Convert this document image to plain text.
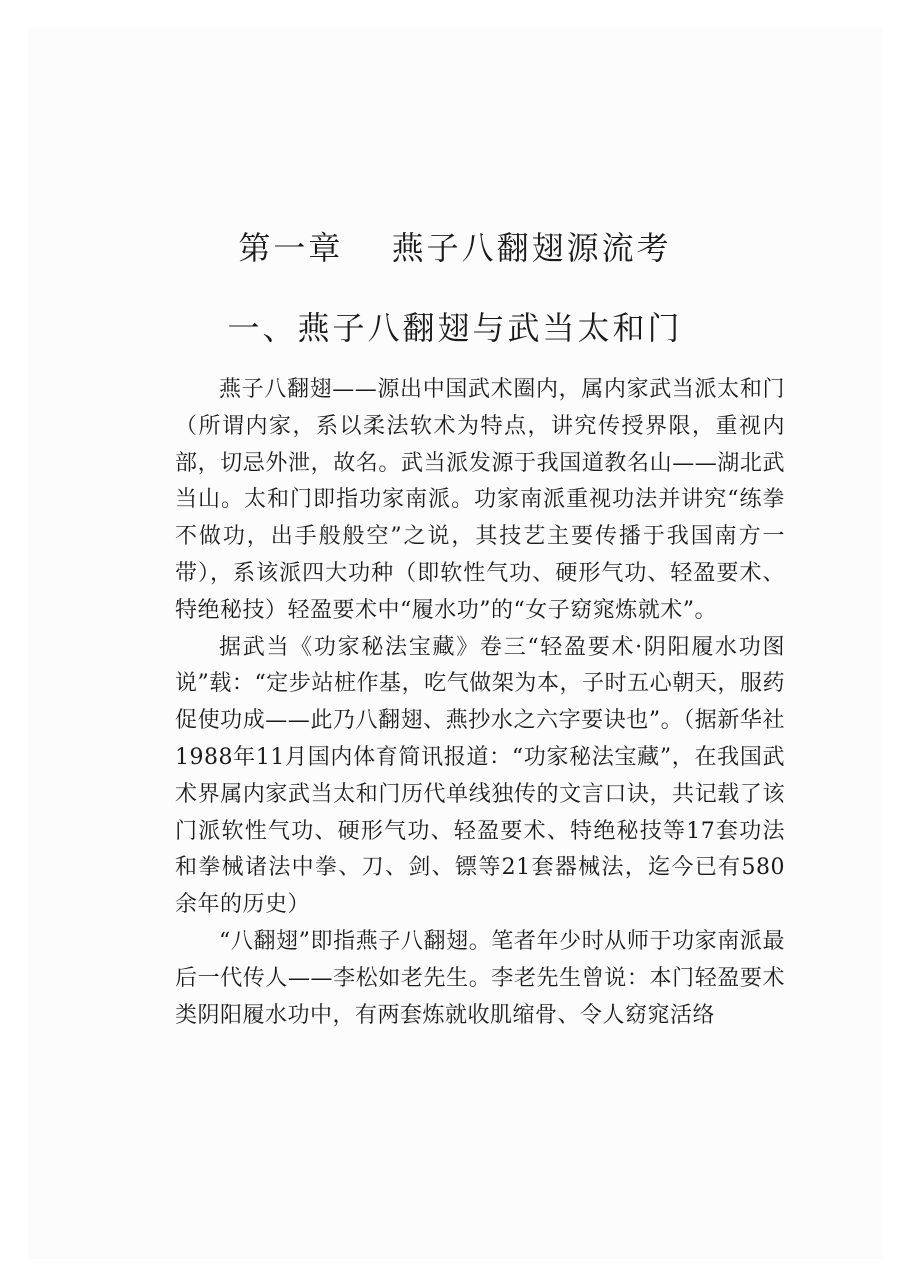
第一章　 燕子八翻翅源流考
一、燕子八翻翅与武当太和门

燕子八翻翅——源出中国武术圈内，属内家武当派太和门（所谓内家，系以柔法软术为特点，讲究传授界限，重视内部，切忌外泄，故名。武当派发源于我国道教名山——湖北武当山。太和门即指功家南派。功家南派重视功法并讲究“练拳不做功，出手般般空”之说，其技艺主要传播于我国南方一带），系该派四大功种（即软性气功、硬形气功、轻盈要术、特绝秘技）轻盈要术中“履水功”的“女子窈窕炼就术”。

据武当《功家秘法宝藏》卷三“轻盈要术·阴阳履水功图说”载：“定步站桩作基，吃气做架为本，子时五心朝天，服药促使功成——此乃八翻翅、燕抄水之六字要诀也”。（据新华社1988年11月国内体育简讯报道：“功家秘法宝藏”，在我国武术界属内家武当太和门历代单线独传的文言口诀，共记载了该门派软性气功、硬形气功、轻盈要术、特绝秘技等17套功法和拳械诸法中拳、刀、剑、镖等21套器械法，迄今已有580余年的历史）

“八翻翅”即指燕子八翻翅。笔者年少时从师于功家南派最后一代传人——李松如老先生。李老先生曾说：本门轻盈要术类阴阳履水功中，有两套炼就收肌缩骨、令人窈窕活络
